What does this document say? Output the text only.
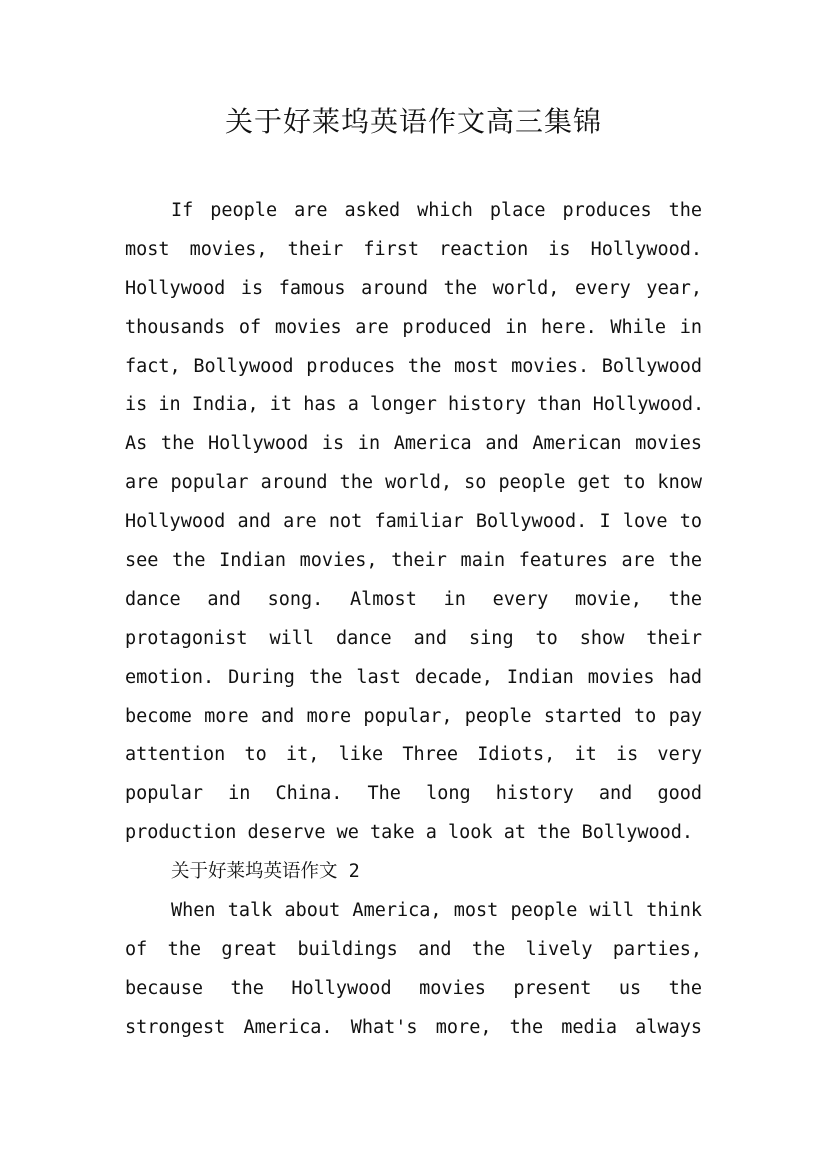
关于好莱坞英语作文高三集锦
If people are asked which place produces the
most movies, their first reaction is Hollywood.
Hollywood is famous around the world, every year,
thousands of movies are produced in here. While in
fact, Bollywood produces the most movies. Bollywood
is in India, it has a longer history than Hollywood.
As the Hollywood is in America and American movies
are popular around the world, so people get to know
Hollywood and are not familiar Bollywood. I love to
see the Indian movies, their main features are the
dance and song. Almost in every movie, the
protagonist will dance and sing to show their
emotion. During the last decade, Indian movies had
become more and more popular, people started to pay
attention to it, like Three Idiots, it is very
popular in China. The long history and good
production deserve we take a look at the Bollywood.
关于好莱坞英语作文 2
When talk about America, most people will think
of the great buildings and the lively parties,
because the Hollywood movies present us the
strongest America. What's more, the media always
